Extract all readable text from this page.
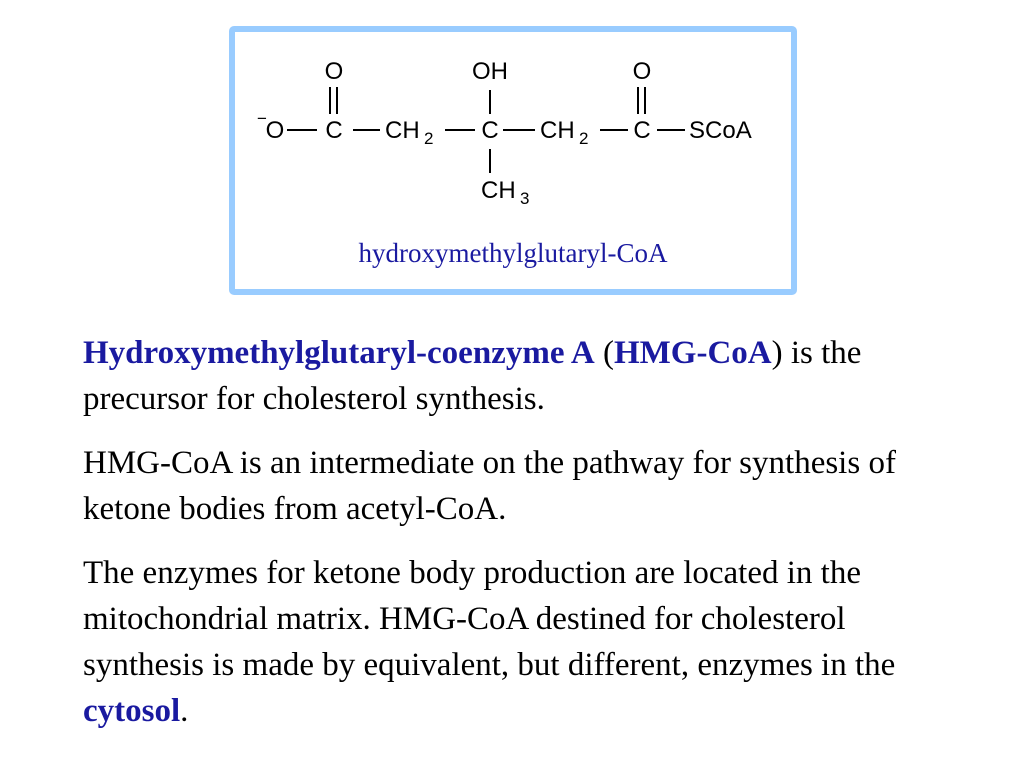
O	OH	O
−
O C CH 2 C CH 2 C SCoA
CH 3
hydroxymethylglutaryl-CoA

Hydroxymethylglutaryl-coenzyme A (HMG-CoA) is the precursor for cholesterol synthesis.

HMG-CoA is an intermediate on the pathway for synthesis of ketone bodies from acetyl-CoA.

The enzymes for ketone body production are located in the mitochondrial matrix. HMG-CoA destined for cholesterol synthesis is made by equivalent, but different, enzymes in the cytosol.
